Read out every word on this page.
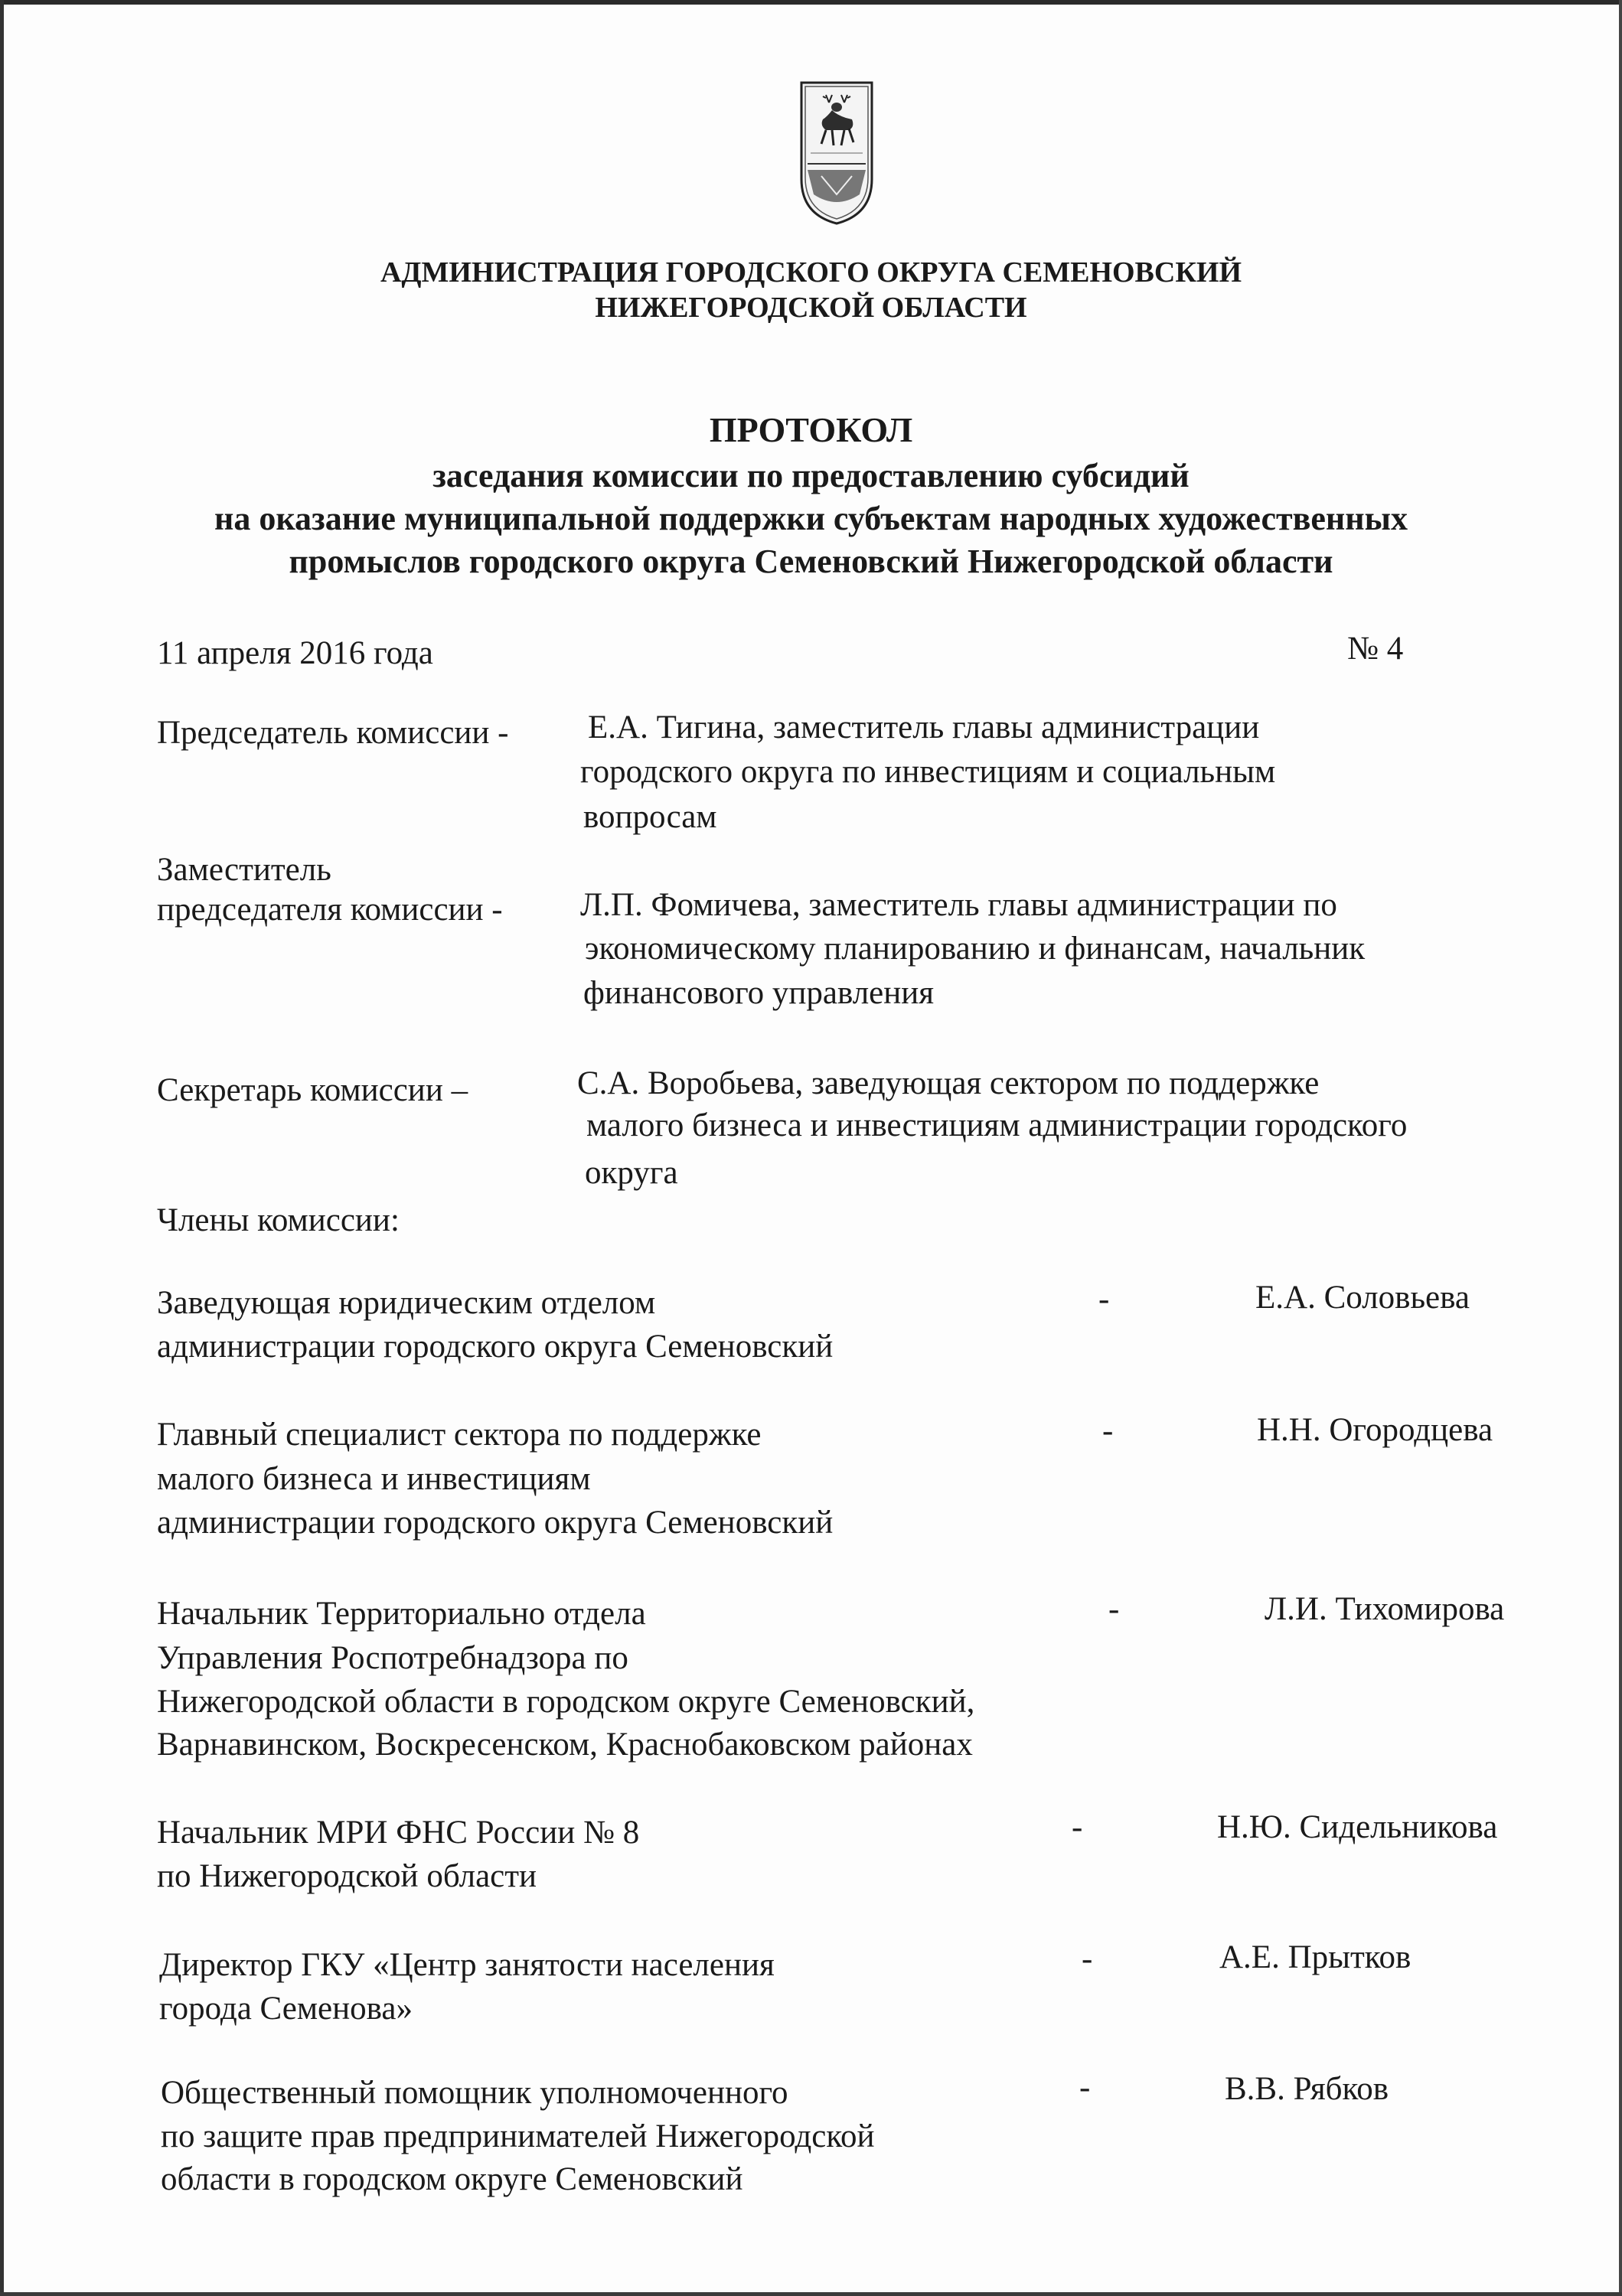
АДМИНИСТРАЦИЯ ГОРОДСКОГО ОКРУГА СЕМЕНОВСКИЙ
НИЖЕГОРОДСКОЙ ОБЛАСТИ
ПРОТОКОЛ
заседания комиссии по предоставлению субсидий
на оказание муниципальной поддержки субъектам народных художественных
промыслов городского округа Семеновский Нижегородской области
11 апреля 2016 года	№ 4
Председатель комиссии - Е.А. Тигина, заместитель главы администрации
городского округа по инвестициям и социальным
вопросам
Заместитель
председателя комиссии - Л.П. Фомичева, заместитель главы администрации по
экономическому планированию и финансам, начальник
финансового управления
Секретарь комиссии –	С.А. Воробьева, заведующая сектором по поддержке
малого бизнеса и инвестициям администрации городского
округа
Члены комиссии:
Заведующая юридическим отделом
администрации городского округа Семеновский
-	Е.А. Соловьева
Главный специалист сектора по поддержке
малого бизнеса и инвестициям
администрации городского округа Семеновский
-	Н.Н. Огородцева
Начальник Территориально отдела
Управления Роспотребнадзора по
Нижегородской области в городском округе Семеновский,
Варнавинском, Воскресенском, Краснобаковском районах
-	Л.И. Тихомирова
Начальник МРИ ФНС России № 8
по Нижегородской области
-	Н.Ю. Сидельникова
Директор ГКУ «Центр занятости населения
города Семенова»
-	А.Е. Прытков
Общественный помощник уполномоченного
по защите прав предпринимателей Нижегородской
области в городском округе Семеновский
-	В.В. Рябков
